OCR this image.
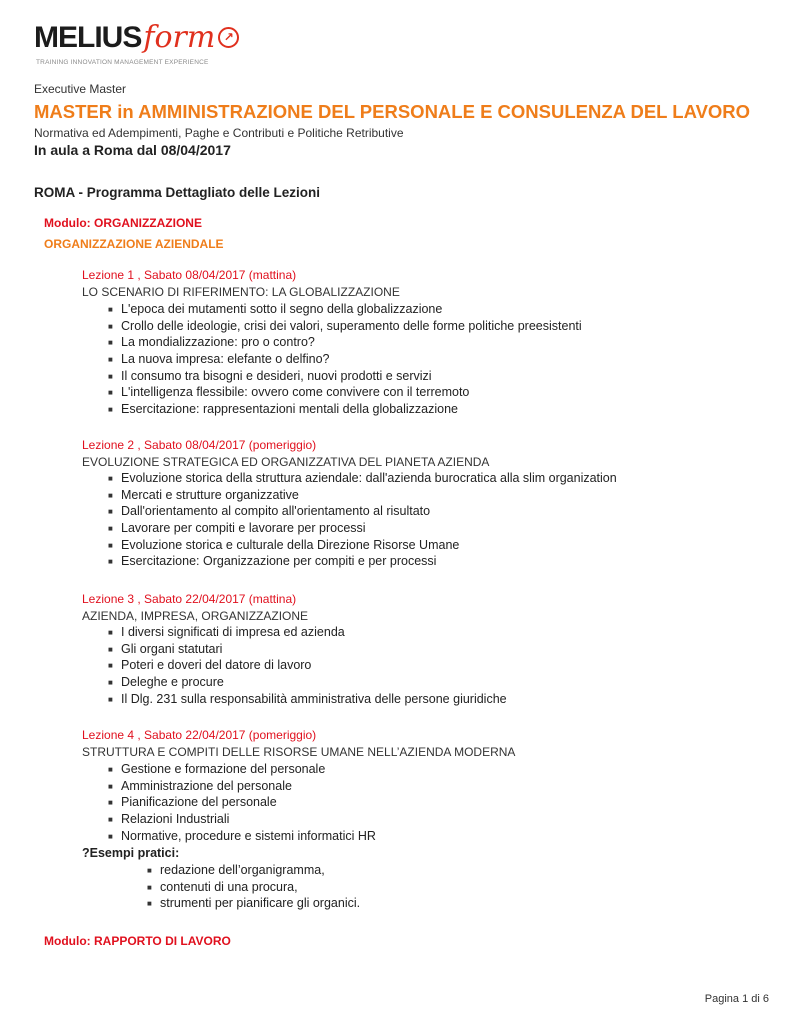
MELIUSform ↗
TRAINING INNOVATION MANAGEMENT EXPERIENCE
Executive Master
MASTER in AMMINISTRAZIONE DEL PERSONALE E CONSULENZA DEL LAVORO
Normativa ed Adempimenti, Paghe e Contributi e Politiche Retributive
In aula a Roma dal 08/04/2017
ROMA - Programma Dettagliato delle Lezioni
Modulo: ORGANIZZAZIONE
ORGANIZZAZIONE AZIENDALE
Lezione 1 , Sabato 08/04/2017 (mattina)
LO SCENARIO DI RIFERIMENTO: LA GLOBALIZZAZIONE
■ L'epoca dei mutamenti sotto il segno della globalizzazione
■ Crollo delle ideologie, crisi dei valori, superamento delle forme politiche preesistenti
■ La mondializzazione: pro o contro?
■ La nuova impresa: elefante o delfino?
■ Il consumo tra bisogni e desideri, nuovi prodotti e servizi
■ L'intelligenza flessibile: ovvero come convivere con il terremoto
■ Esercitazione: rappresentazioni mentali della globalizzazione
Lezione 2 , Sabato 08/04/2017 (pomeriggio)
EVOLUZIONE STRATEGICA ED ORGANIZZATIVA DEL PIANETA AZIENDA
■ Evoluzione storica della struttura aziendale: dall'azienda burocratica alla slim organization
■ Mercati e strutture organizzative
■ Dall'orientamento al compito all'orientamento al risultato
■ Lavorare per compiti e lavorare per processi
■ Evoluzione storica e culturale della Direzione Risorse Umane
■ Esercitazione: Organizzazione per compiti e per processi
Lezione 3 , Sabato 22/04/2017 (mattina)
AZIENDA, IMPRESA, ORGANIZZAZIONE
■ I diversi significati di impresa ed azienda
■ Gli organi statutari
■ Poteri e doveri del datore di lavoro
■ Deleghe e procure
■ Il Dlg. 231 sulla responsabilità amministrativa delle persone giuridiche
Lezione 4 , Sabato 22/04/2017 (pomeriggio)
STRUTTURA E COMPITI DELLE RISORSE UMANE NELL’AZIENDA MODERNA
■ Gestione e formazione del personale
■ Amministrazione del personale
■ Pianificazione del personale
■ Relazioni Industriali
■ Normative, procedure e sistemi informatici HR
?Esempi pratici:
■ redazione dell’organigramma,
■ contenuti di una procura,
■ strumenti per pianificare gli organici.
Modulo: RAPPORTO DI LAVORO
Pagina 1 di 6
